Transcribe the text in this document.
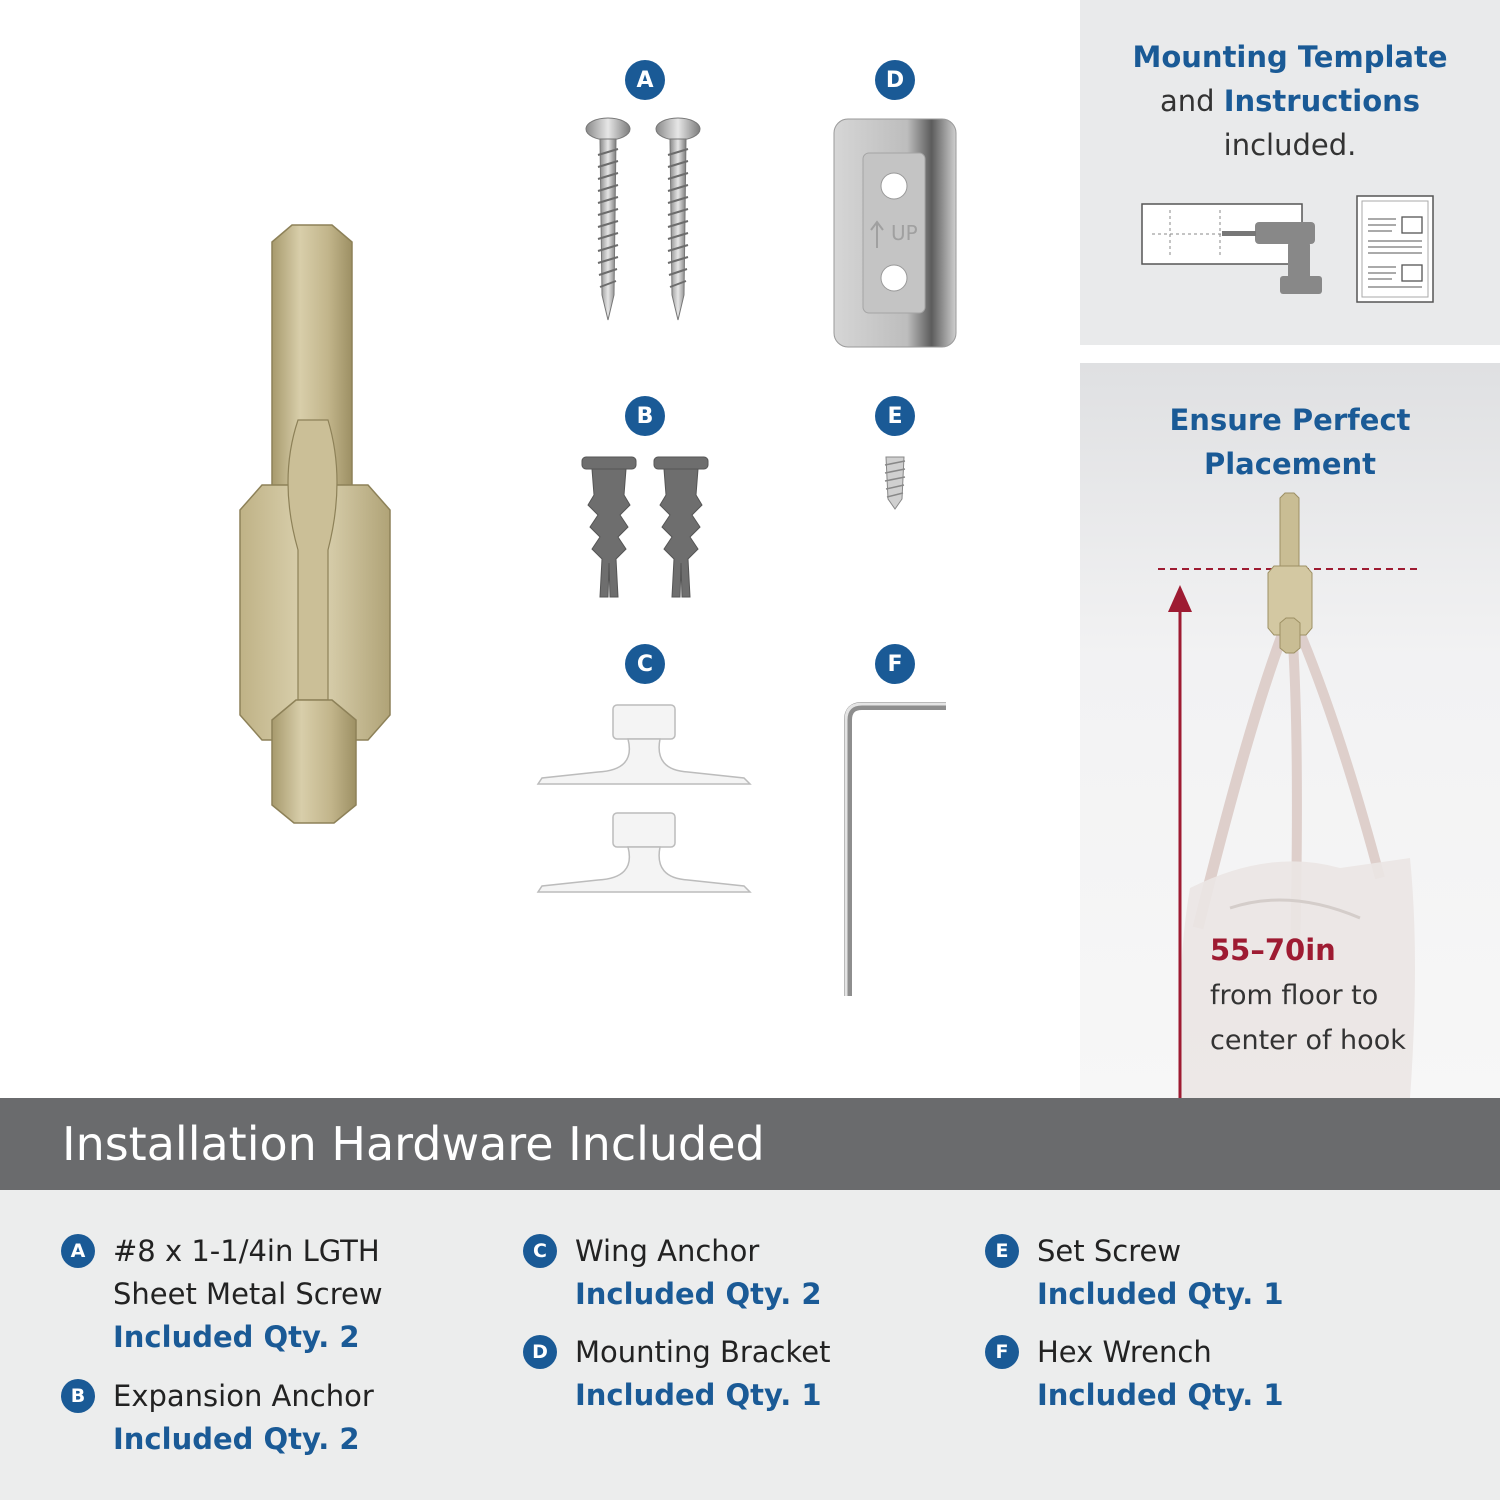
A	D
B	E
C	F
UP
Mounting Template
and Instructions
included.
Ensure Perfect
Placement
55–70in
from floor to
center of hook
Installation Hardware Included
A #8 x 1-1/4in LGTH
Sheet Metal Screw
Included Qty. 2
B Expansion Anchor
Included Qty. 2
C Wing Anchor
Included Qty. 2
D Mounting Bracket
Included Qty. 1
E Set Screw
Included Qty. 1
F Hex Wrench
Included Qty. 1
